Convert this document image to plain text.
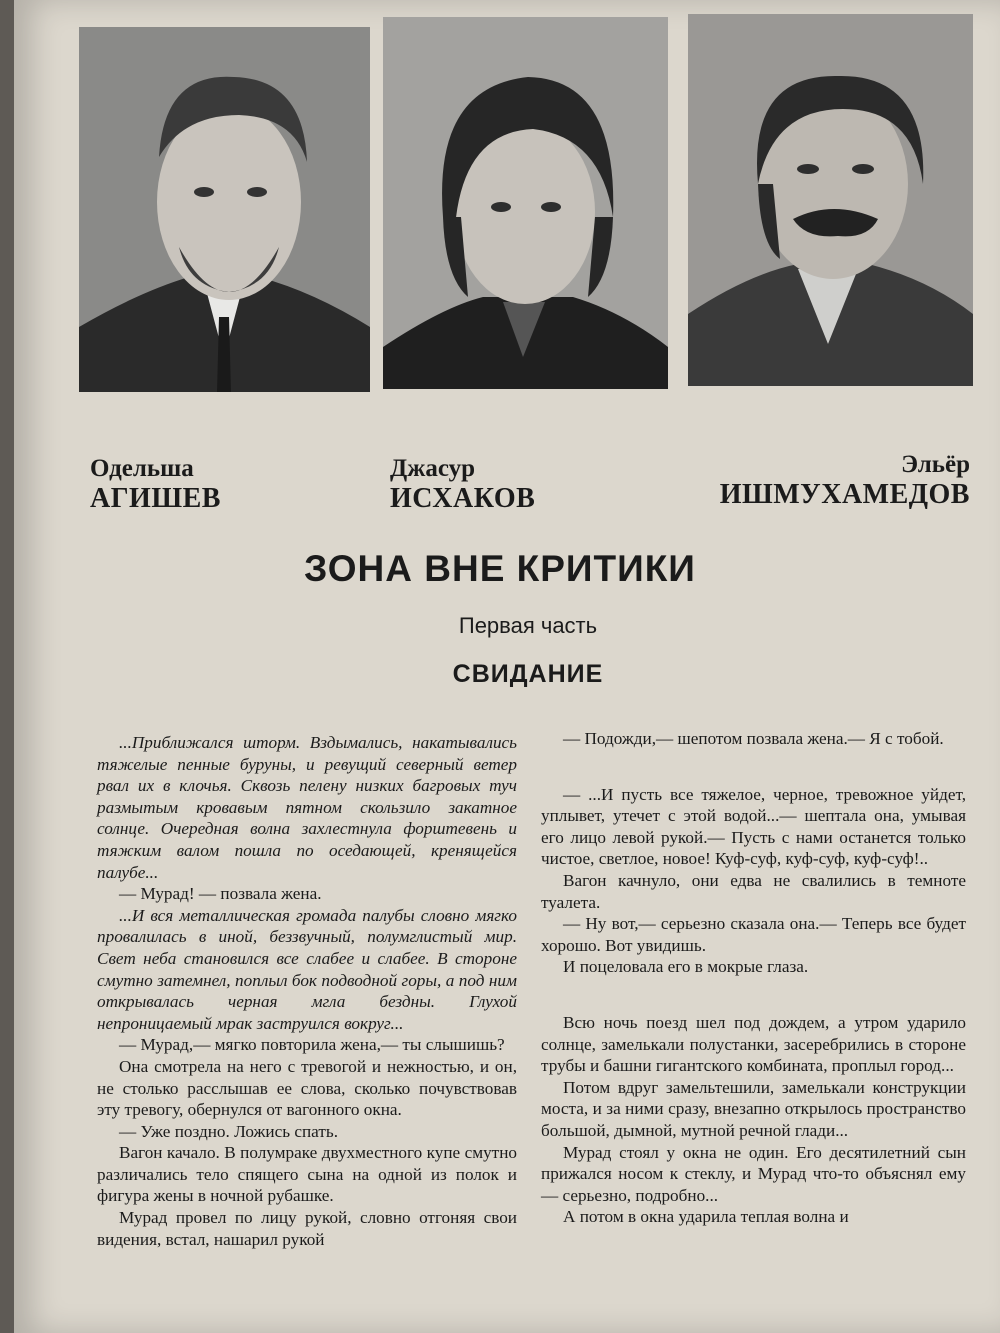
Одельша
АГИШЕВ
Джасур
ИСХАКОВ
Эльёр
ИШМУХАМЕДОВ
ЗОНА ВНЕ КРИТИКИ
Первая часть
СВИДАНИЕ

...Приближался шторм. Вздымались, накатывались тяжелые пенные буруны, и ревущий северный ветер рвал их в клочья. Сквозь пелену низких багровых туч размытым кровавым пятном скользило закатное солнце. Очередная волна захлестнула форштевень и тяжким валом пошла по оседающей, кренящейся палубе...

— Мурад! — позвала жена.

...И вся металлическая громада палубы словно мягко провалилась в иной, беззвучный, полумглистый мир. Свет неба становился все слабее и слабее. В стороне смутно затемнел, поплыл бок подводной горы, а под ним открывалась черная мгла бездны. Глухой непроницаемый мрак заструился вокруг...

— Мурад,— мягко повторила жена,— ты слышишь?

Она смотрела на него с тревогой и нежностью, и он, не столько расслышав ее слова, сколько почувствовав эту тревогу, обернулся от вагонного окна.

— Уже поздно. Ложись спать.

Вагон качало. В полумраке двухместного купе смутно различались тело спящего сына на одной из полок и фигура жены в ночной рубашке.

Мурад провел по лицу рукой, словно отгоняя свои видения, встал, нашарил рукой

— Подожди,— шепотом позвала жена.— Я с тобой.

— ...И пусть все тяжелое, черное, тревожное уйдет, уплывет, утечет с этой водой...— шептала она, умывая его лицо левой рукой.— Пусть с нами останется только чистое, светлое, новое! Куф-суф, куф-суф, куф-суф!..

Вагон качнуло, они едва не свалились в темноте туалета.

— Ну вот,— серьезно сказала она.— Теперь все будет хорошо. Вот увидишь.

И поцеловала его в мокрые глаза.

Всю ночь поезд шел под дождем, а утром ударило солнце, замелькали полустанки, засеребрились в стороне трубы и башни гигантского комбината, проплыл город...

Потом вдруг замельтешили, замелькали конструкции моста, и за ними сразу, внезапно открылось пространство большой, дымной, мутной речной глади...

Мурад стоял у окна не один. Его десятилетний сын прижался носом к стеклу, и Мурад что-то объяснял ему — серьезно, подробно...

А потом в окна ударила теплая волна и
